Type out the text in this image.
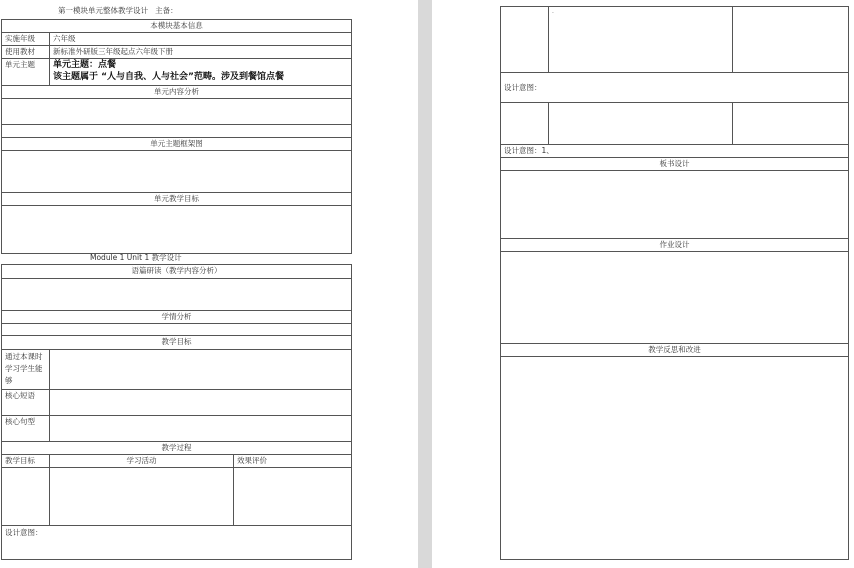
第一模块单元整体教学设计 主备：
本模块基本信息	
实施年级	六年级
使用教材	新标准外研版三年级起点六年级下册
单元主题	单元主题：点餐
该主题属于 “人与自我、人与社会”范畴。涉及到餐馆点餐

单元内容分析	

单元主题框架图	

单元教学目标	

Module 1 Unit 1 教学设计
语篇研读（教学内容分析）		

学情分析		

教学目标		
通过本课时学习学生能够		
核心短语		
核心句型		
教学过程		
教学目标	学习活动	效果评价

设计意图：		
	·	
设计意图：		

设计意图：1、		
板书设计		

作业设计		

教学反思和改进		
